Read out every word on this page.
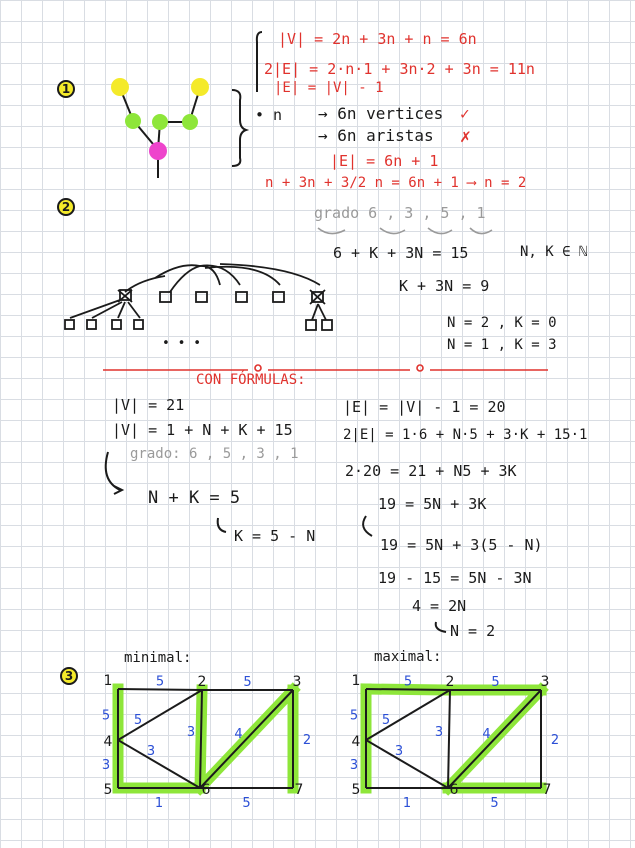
1
2
3	5	5
5 5
3
3	4	2
3
1	5
1	2	3
4
5	6	7
5	5
5 5
3
3	4	2
3
1	5
1	2	3
4
5	6	7
|V| = 2n + 3n + n = 6n
2|E| = 2·n·1 + 3n·2 + 3n = 11n
|E| = |V| - 1
• n → 6n vertices ✓
→ 6n aristas ✗
|E| = 6n + 1
n + 3n + 3/2 n = 6n + 1 ⟶ n = 2
grado 6 , 3 , 5 , 1
6 + K + 3N = 15	N, K ∈ ℕ
K + 3N = 9
N = 2 , K = 0
N = 1 , K = 3
• • •
CON FÓRMULAS:
|V| = 21
|V| = 1 + N + K + 15
grado: 6 , 5 , 3 , 1
N + K = 5
K = 5 - N
|E| = |V| - 1 = 20
2|E| = 1·6 + N·5 + 3·K + 15·1
2·20 = 21 + N5 + 3K
19 = 5N + 3K
19 = 5N + 3(5 - N)
19 - 15 = 5N - 3N
4 = 2N
N = 2
minimal:	maximal:
